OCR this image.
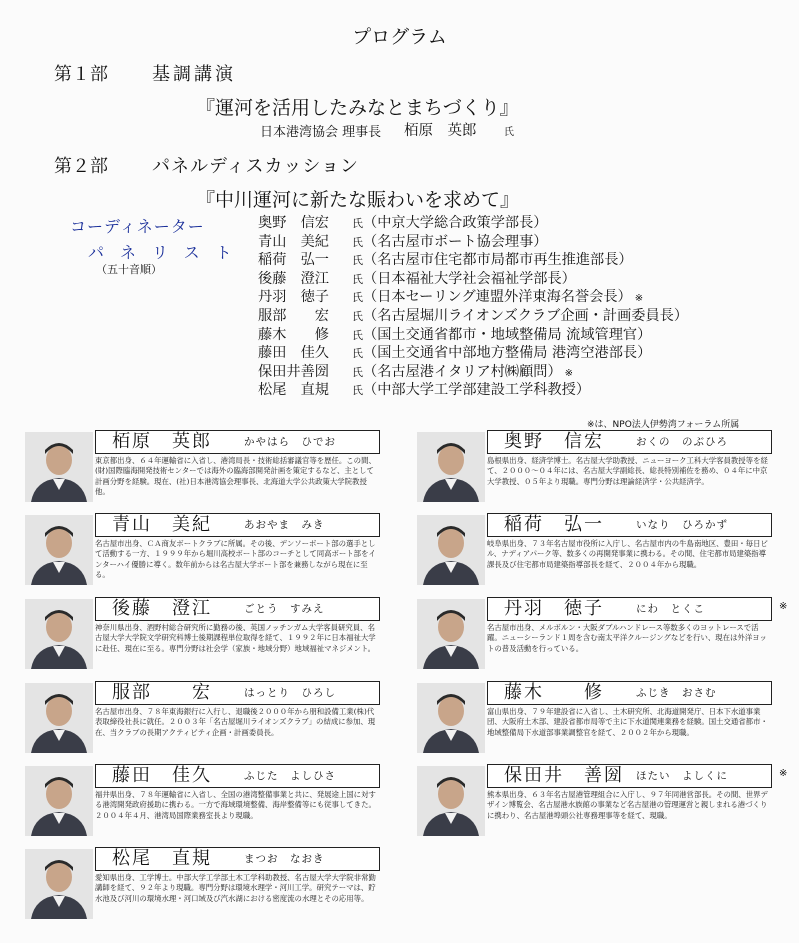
プログラム
第１部 基調講演
『運河を活用したみなとまちづくり』
日本港湾協会 理事長 栢原　英郎	氏
第２部 パネルディスカッション
『中川運河に新たな賑わいを求めて』
コーディネーター
パネリスト
（五十音順）
奥野　信宏 氏（中京大学総合政策学部長）
青山　美紀 氏（名古屋市ボート協会理事）
稲荷　弘一 氏（名古屋市住宅都市局都市再生推進部長）
後藤　澄江 氏（日本福祉大学社会福祉学部長）
丹羽　徳子 氏（日本セーリング連盟外洋東海名誉会長） ※
服部　　宏 氏（名古屋堀川ライオンズクラブ企画・計画委員長）
藤木　　修 氏（国土交通省都市・地域整備局 流域管理官）
藤田　佳久 氏（国土交通省中部地方整備局 港湾空港部長）
保田井善圀 氏（名古屋港イタリア村㈱顧問） ※
松尾　直規 氏（中部大学工学部建設工学科教授）
※は、NPO法人伊勢湾フォーラム所属
栢原　英郎	かやはら　ひでお
東京都出身、６４年運輸省に入省し、港湾局長・技術総括審議官等を歴任。この間、(財)国際臨海開発技術センターでは海外の臨海部開発計画を策定するなど、主として計画分野を経験。現在、(社)日本港湾協会理事長、北海道大学公共政策大学院教授他。
青山　美紀	あおやま　みき
名古屋市出身、ＣＡ商友ボートクラブに所属。その後、デンソーボート部の選手として活動する一方、１９９９年から堀川高校ボート部のコーチとして同高ボート部をインターハイ優勝に導く。数年前からは名古屋大学ボート部を兼務しながら現在に至る。
後藤　澄江	ごとう　すみえ
神奈川県出身、酒野村総合研究所に勤務の後、英国ノッチンガム大学客員研究員、名古屋大学大学院文学研究科博士後期課程単位取得を経て、１９９２年に日本福祉大学に赴任、現在に至る。専門分野は社会学（家族・地域分野）地域福祉マネジメント。
服部　　宏	はっとり　ひろし
名古屋市出身、７８年東海銀行に入行し、退職後２０００年から朋和設備工業(株)代表取締役社長に就任。２００３年「名古屋堀川ライオンズクラブ」の結成に参加、現在、当クラブの長期アクティビティ企画・計画委員長。
藤田　佳久	ふじた　よしひさ
福井県出身、７８年運輸省に入省し、全国の港湾整備事業と共に、発展途上国に対する港湾開発政府援助に携わる。一方で海域環境整備、海岸整備等にも従事してきた。２００４年４月、港湾局国際業務室長より現職。
松尾　直規	まつお　なおき
愛知県出身、工学博士。中部大学工学部土木工学科助教授、名古屋大学大学院非常勤講師を経て、９２年より現職。専門分野は環境水理学・河川工学。研究テーマは、貯水池及び河川の環境水理・河口域及び汽水湖における密度流の水理とその応用等。
奥野　信宏	おくの　のぶひろ
島根県出身、経済学博士。名古屋大学助教授、ニューヨーク工科大学客員教授等を経て、２０００～０４年には、名古屋大学副総長、総長特別補佐を務め、０４年に中京大学教授、０５年より現職。専門分野は理論経済学・公共経済学。
稲荷　弘一	いなり　ひろかず
岐阜県出身、７３年名古屋市役所に入庁し、名古屋市内の牛島南地区、豊田・毎日ビル、ナディアパーク等、数多くの再開発事業に携わる。その間、住宅都市局建築指導課長及び住宅都市局建築指導部長を経て、２００４年から現職。
丹羽　徳子	にわ　とくこ
名古屋市出身、メルボルン・大阪ダブルハンドレース等数多くのヨットレースで活躍。ニューシーランド１周を含む南太平洋クルージングなどを行い、現在は外洋ヨットの普及活動を行っている。
※
藤木　　修	ふじき　おさむ
富山県出身、７９年建設省に入省し、土木研究所、北海道開発庁、日本下水道事業団、大阪府土木部、建設省都市局等で主に下水道関連業務を経験。国土交通省都市・地域整備局下水道部事業調整官を経て、２００２年から現職。
保田井　善圀 ほたい　よしくに
熊本県出身、６３年名古屋港管理組合に入庁し、９７年同港営部長。その間、世界デザイン博覧会、名古屋港水族館の事業など名古屋港の管理運営と親しまれる港づくりに携わり、名古屋港埠頭公社専務理事等を経て、現職。
※
